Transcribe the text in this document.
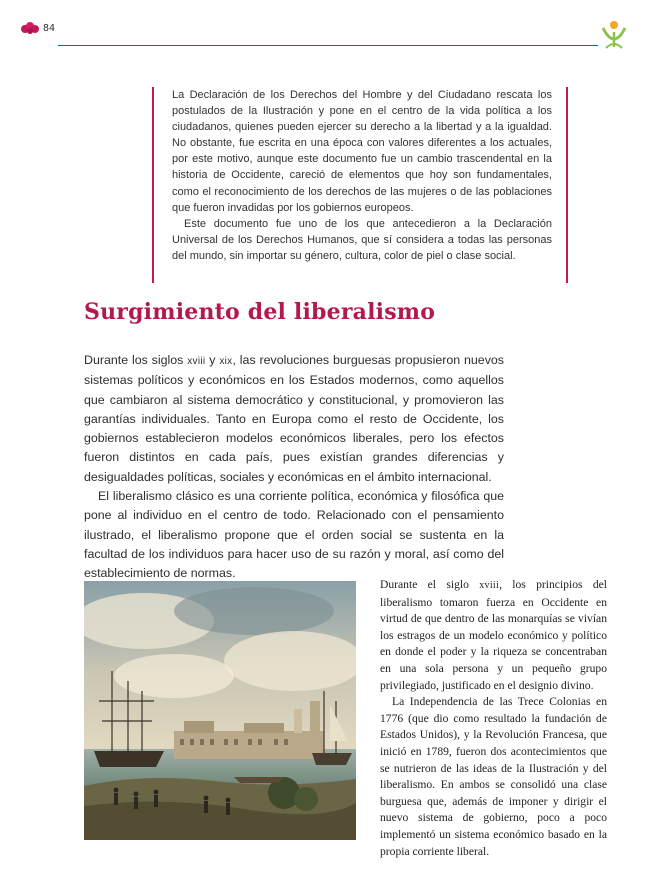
84

La Declaración de los Derechos del Hombre y del Ciudadano rescata los postulados de la Ilustración y pone en el centro de la vida política a los ciudadanos, quienes pueden ejercer su derecho a la libertad y a la igualdad. No obstante, fue escrita en una época con valores diferentes a los actuales, por este motivo, aunque este documento fue un cambio trascendental en la historia de Occidente, careció de elementos que hoy son fundamentales, como el reconocimiento de los derechos de las mujeres o de las poblaciones que fueron invadidas por los gobiernos europeos.

Este documento fue uno de los que antecedieron a la Declaración Universal de los Derechos Humanos, que sí considera a todas las personas del mundo, sin importar su género, cultura, color de piel o clase social.

Surgimiento del liberalismo

Durante los siglos xviii y xix, las revoluciones burguesas propusieron nuevos sistemas políticos y económicos en los Estados modernos, como aquellos que cambiaron al sistema democrático y constitucional, y promovieron las garantías individuales. Tanto en Europa como el resto de Occidente, los gobiernos establecieron modelos económicos liberales, pero los efectos fueron distintos en cada país, pues existían grandes diferencias y desigualdades políticas, sociales y económicas en el ámbito internacional.

El liberalismo clásico es una corriente política, económica y filosófica que pone al individuo en el centro de todo. Relacionado con el pensamiento ilustrado, el liberalismo propone que el orden social se sustenta en la facultad de los individuos para hacer uso de su razón y moral, así como del establecimiento de normas.

Durante el siglo xviii, los principios del liberalismo tomaron fuerza en Occidente en virtud de que dentro de las monarquías se vivían los estragos de un modelo económico y político en donde el poder y la riqueza se concentraban en una sola persona y un pequeño grupo privilegiado, justificado en el designio divino.

La Independencia de las Trece Colonias en 1776 (que dio como resultado la fundación de Estados Unidos), y la Revolución Francesa, que inició en 1789, fueron dos acontecimientos que se nutrieron de las ideas de la Ilustración y del liberalismo. En ambos se consolidó una clase burguesa que, además de imponer y dirigir el nuevo sistema de gobierno, poco a poco implementó un sistema económico basado en la propia corriente liberal.
